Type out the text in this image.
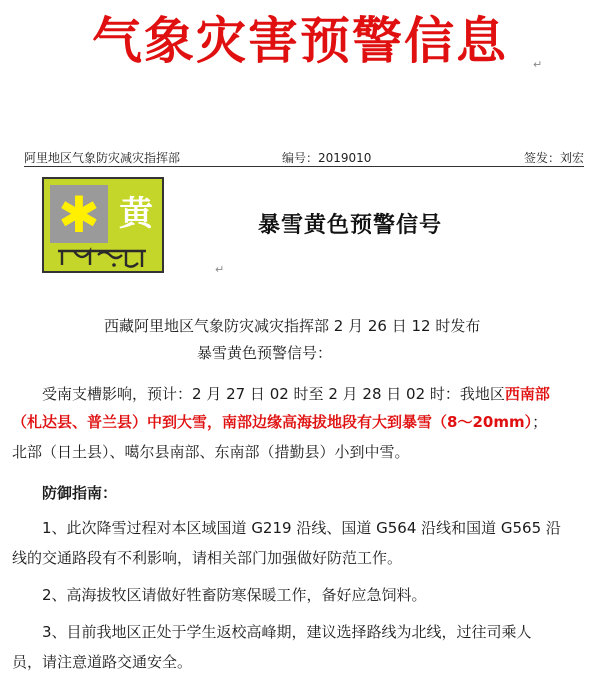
气象灾害预警信息	↵
阿里地区气象防灾减灾指挥部	编号：2019010	签发：刘宏
✱ 黄
↵
暴雪黄色预警信号
西藏阿里地区气象防灾减灾指挥部 2 月 26 日 12 时发布
暴雪黄色预警信号：
受南支槽影响，预计：2 月 27 日 02 时至 2 月 28 日 02 时：我地区西南部
（札达县、普兰县）中到大雪，南部边缘高海拔地段有大到暴雪（8～20mm）；
北部（日土县）、噶尔县南部、东南部（措勤县）小到中雪。
防御指南：
1、此次降雪过程对本区域国道 G219 沿线、国道 G564 沿线和国道 G565 沿
线的交通路段有不利影响，请相关部门加强做好防范工作。
2、高海拔牧区请做好牲畜防寒保暖工作，备好应急饲料。
3、目前我地区正处于学生返校高峰期，建议选择路线为北线，过往司乘人
员，请注意道路交通安全。
